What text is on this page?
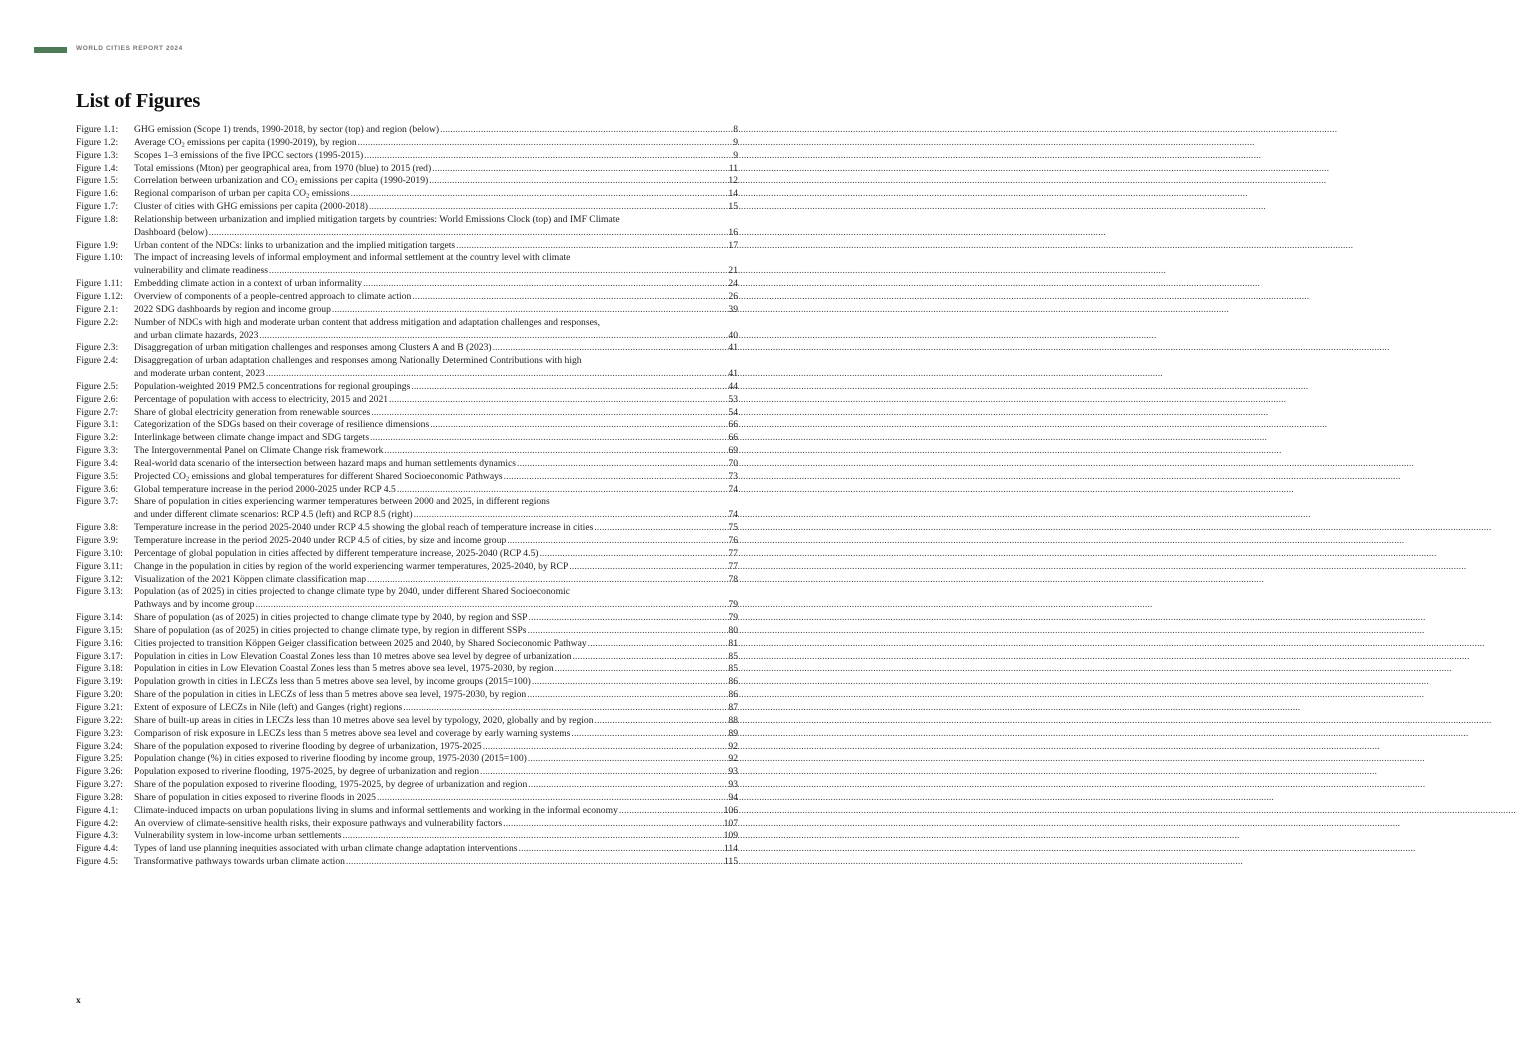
WORLD CITIES REPORT 2024
List of Figures
Figure 1.1:	GHG emission (Scope 1) trends, 1990-2018, by sector (top) and region (below) .....	8
Figure 1.2:	Average $CO_2$ emissions per capita (1990-2019), by region .....	9
Figure 1.3:	Scopes 1–3 emissions of the five IPCC sectors (1995-2015) .....	9
Figure 1.4:	Total emissions (Mton) per geographical area, from 1970 (blue) to 2015 (red) .....	11
Figure 1.5:	Correlation between urbanization and $CO_2$ emissions per capita (1990-2019) .....	12
Figure 1.6:	Regional comparison of urban per capita $CO_2$ emissions .....	14
Figure 1.7:	Cluster of cities with GHG emissions per capita (2000-2018) .....	15
Figure 1.8:	Relationship between urbanization and implied mitigation targets by countries: World Emissions Clock (top) and IMF Climate
Dashboard (below) .....	16
Figure 1.9:	Urban content of the NDCs: links to urbanization and the implied mitigation targets .....	17
Figure 1.10:	The impact of increasing levels of informal employment and informal settlement at the country level with climate
vulnerability and climate readiness .....	21
Figure 1.11:	Embedding climate action in a context of urban informality .....	24
Figure 1.12:	Overview of components of a people-centred approach to climate action .....	26
Figure 2.1:	2022 SDG dashboards by region and income group .....	39
Figure 2.2:	Number of NDCs with high and moderate urban content that address mitigation and adaptation challenges and responses,
and urban climate hazards, 2023 .....	40
Figure 2.3:	Disaggregation of urban mitigation challenges and responses among Clusters A and B (2023) .....	41
Figure 2.4:	Disaggregation of urban adaptation challenges and responses among Nationally Determined Contributions with high
and moderate urban content, 2023 .....	41
Figure 2.5:	Population-weighted 2019 PM2.5 concentrations for regional groupings .....	44
Figure 2.6:	Percentage of population with access to electricity, 2015 and 2021 .....	53
Figure 2.7:	Share of global electricity generation from renewable sources .....	54
Figure 3.1:	Categorization of the SDGs based on their coverage of resilience dimensions .....	66
Figure 3.2:	Interlinkage between climate change impact and SDG targets .....	66
Figure 3.3:	The Intergovernmental Panel on Climate Change risk framework .....	69
Figure 3.4:	Real-world data scenario of the intersection between hazard maps and human settlements dynamics .....	70
Figure 3.5:	Projected $CO_2$ emissions and global temperatures for different Shared Socioeconomic Pathways .....	73
Figure 3.6:	Global temperature increase in the period 2000-2025 under RCP 4.5 .....	74
Figure 3.7:	Share of population in cities experiencing warmer temperatures between 2000 and 2025, in different regions
and under different climate scenarios: RCP 4.5 (left) and RCP 8.5 (right) .....	74
Figure 3.8:	Temperature increase in the period 2025-2040 under RCP 4.5 showing the global reach of temperature increase in cities .....	75
Figure 3.9:	Temperature increase in the period 2025-2040 under RCP 4.5 of cities, by size and income group .....	76
Figure 3.10:	Percentage of global population in cities affected by different temperature increase, 2025-2040 (RCP 4.5) .....	77
Figure 3.11:	Change in the population in cities by region of the world experiencing warmer temperatures, 2025-2040, by RCP .....	77
Figure 3.12:	Visualization of the 2021 Köppen climate classification map .....	78
Figure 3.13:	Population (as of 2025) in cities projected to change climate type by 2040, under different Shared Socioeconomic
Pathways and by income group .....	79
Figure 3.14:	Share of population (as of 2025) in cities projected to change climate type by 2040, by region and SSP .....	79
Figure 3.15:	Share of population (as of 2025) in cities projected to change climate type, by region in different SSPs .....	80
Figure 3.16:	Cities projected to transition Köppen Geiger classification between 2025 and 2040, by Shared Socieconomic Pathway .....	81
Figure 3.17:	Population in cities in Low Elevation Coastal Zones less than 10 metres above sea level by degree of urbanization .....	85
Figure 3.18:	Population in cities in Low Elevation Coastal Zones less than 5 metres above sea level, 1975-2030, by region .....	85
Figure 3.19:	Population growth in cities in LECZs less than 5 metres above sea level, by income groups (2015=100) .....	86
Figure 3.20:	Share of the population in cities in LECZs of less than 5 metres above sea level, 1975-2030, by region .....	86
Figure 3.21:	Extent of exposure of LECZs in Nile (left) and Ganges (right) regions .....	87
Figure 3.22:	Share of built-up areas in cities in LECZs less than 10 metres above sea level by typology, 2020, globally and by region .....	88
Figure 3.23:	Comparison of risk exposure in LECZs less than 5 metres above sea level and coverage by early warning systems .....	89
Figure 3.24:	Share of the population exposed to riverine flooding by degree of urbanization, 1975-2025 .....	92
Figure 3.25:	Population change (%) in cities exposed to riverine flooding by income group, 1975-2030 (2015=100) .....	92
Figure 3.26:	Population exposed to riverine flooding, 1975-2025, by degree of urbanization and region .....	93
Figure 3.27:	Share of the population exposed to riverine flooding, 1975-2025, by degree of urbanization and region .....	93
Figure 3.28:	Share of population in cities exposed to riverine floods in 2025 .....	94
Figure 4.1:	Climate-induced impacts on urban populations living in slums and informal settlements and working in the informal economy .....	106
Figure 4.2:	An overview of climate-sensitive health risks, their exposure pathways and vulnerability factors .....	107
Figure 4.3:	Vulnerability system in low-income urban settlements .....	109
Figure 4.4:	Types of land use planning inequities associated with urban climate change adaptation interventions .....	114
Figure 4.5:	Transformative pathways towards urban climate action .....	115
x
